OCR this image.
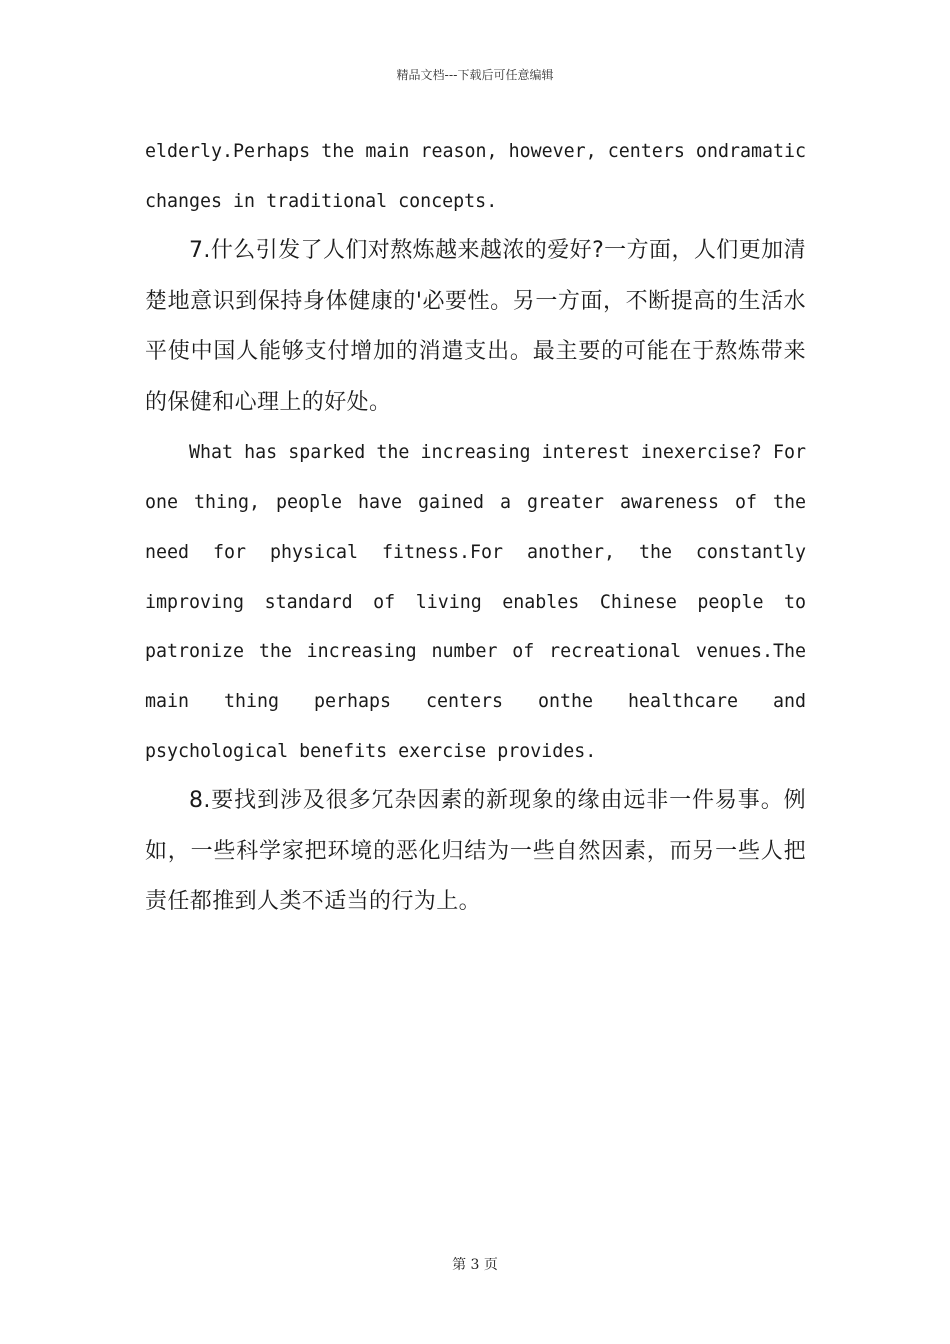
精品文档---下载后可任意编辑

elderly.Perhaps the main reason, however, centers ondramatic changes in traditional concepts.

7.什么引发了人们对熬炼越来越浓的爱好?一方面，人们更加清楚地意识到保持身体健康的'必要性。另一方面，不断提高的生活水平使中国人能够支付增加的消遣支出。最主要的可能在于熬炼带来的保健和心理上的好处。

What has sparked the increasing interest inexercise? For one thing, people have gained a greater awareness of the need for physical fitness.For another, the constantly improving standard of living enables Chinese people to patronize the increasing number of recreational venues.The main thing perhaps centers onthe healthcare and psychological benefits exercise provides.

8.要找到涉及很多冗杂因素的新现象的缘由远非一件易事。例如，一些科学家把环境的恶化归结为一些自然因素，而另一些人把责任都推到人类不适当的行为上。

第 3 页
